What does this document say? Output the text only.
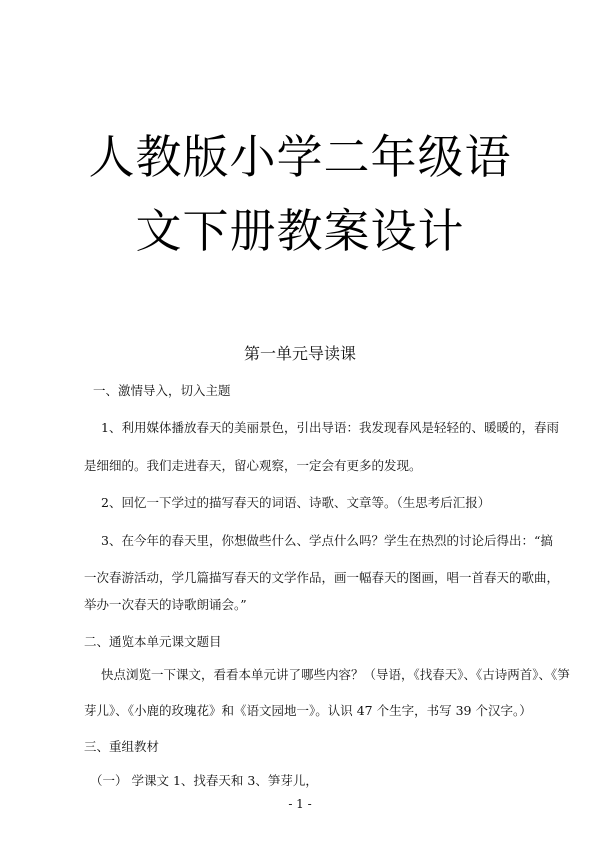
人教版小学二年级语
文下册教案设计
第一单元导读课
一、激情导入，切入主题
1、利用媒体播放春天的美丽景色，引出导语：我发现春风是轻轻的、暖暖的，春雨
是细细的。我们走进春天，留心观察，一定会有更多的发现。
2、回忆一下学过的描写春天的词语、诗歌、文章等。（生思考后汇报）
3、在今年的春天里，你想做些什么、学点什么吗？学生在热烈的讨论后得出：“搞
一次春游活动，学几篇描写春天的文学作品，画一幅春天的图画，唱一首春天的歌曲，
举办一次春天的诗歌朗诵会。”
二、通览本单元课文题目
快点浏览一下课文，看看本单元讲了哪些内容？（导语，《找春天》、《古诗两首》、《笋
芽儿》、《小鹿的玫瑰花》和《语文园地一》。认识 47 个生字，书写 39 个汉字。）
三、重组教材
（一） 学课文 1、找春天和 3、笋芽儿，
- 1 -
